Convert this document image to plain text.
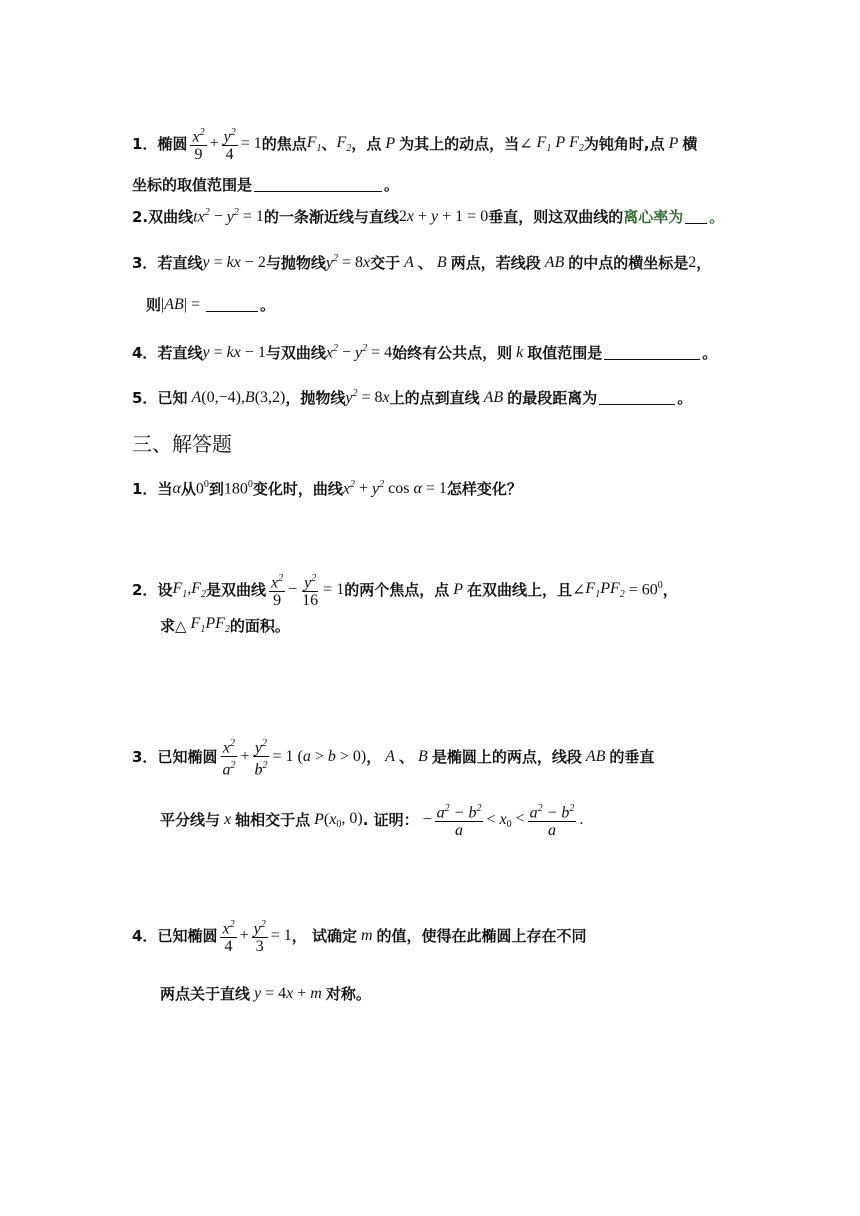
1． 椭圆 $\frac{x^2}{9} + \frac{y^2}{4} = 1$ 的焦点 $F_1$ 、 $F_2$ ，点 P 为其上的动点，当 ∠ $F_1$ P $F_2$ 为钝角时,点 P 横
坐标的取值范围是	。
2. 双曲线 $tx^2 - y^2 = 1$ 的一条渐近线与直线 2 x + y + 1 = 0 垂直，则这双曲线的 离心率为 。
3． 若直线 y = kx − 2 与抛物线 $y^2 = 8$ x 交于 A 、 B 两点，若线段 AB 的中点的横坐标是 2 ，
则 | AB | =	。
4． 若直线 y = kx − 1 与双曲线 $x^2 - y^2 = 4$ 始终有公共点，则 k 取值范围是	。
5． 已知 A (0,−4), B (3,2) ，抛物线 $y^2 = 8$ x 上的点到直线 AB 的最段距离为	。
三、解答题
1． 当 α 从 $0^0$ 到 $180^0$ 变化时，曲线 $x^2 + y^2$ cos α = 1 怎样变化？
2． 设 $F_1,F_2$ 是双曲线 $\frac{x^2}{9} - \frac{y^2}{16} = 1$ 的两个焦点，点 P 在双曲线上，且 ∠ $F_1PF_2 = 60^0$ ，
求△ $F_1PF_2$ 的面积。
3． 已知椭圆 $\frac{x^2}{a^2} + \frac{y^2}{b^2} = 1$ ( a > b > 0) ， A 、 B 是椭圆上的两点，线段 AB 的垂直
平分线与 x 轴相交于点 P ( x $_0$, 0) . 证明： − $\frac{a^2 - b^2}{a} < x$ $_0 < \frac{a^2 - b^2}{a}$ .
4． 已知椭圆 $\frac{x^2}{4} + \frac{y^2}{3} = 1$ ， 试确定 m 的值，使得在此椭圆上存在不同
两点关于直线 y = 4 x + m 对称。
